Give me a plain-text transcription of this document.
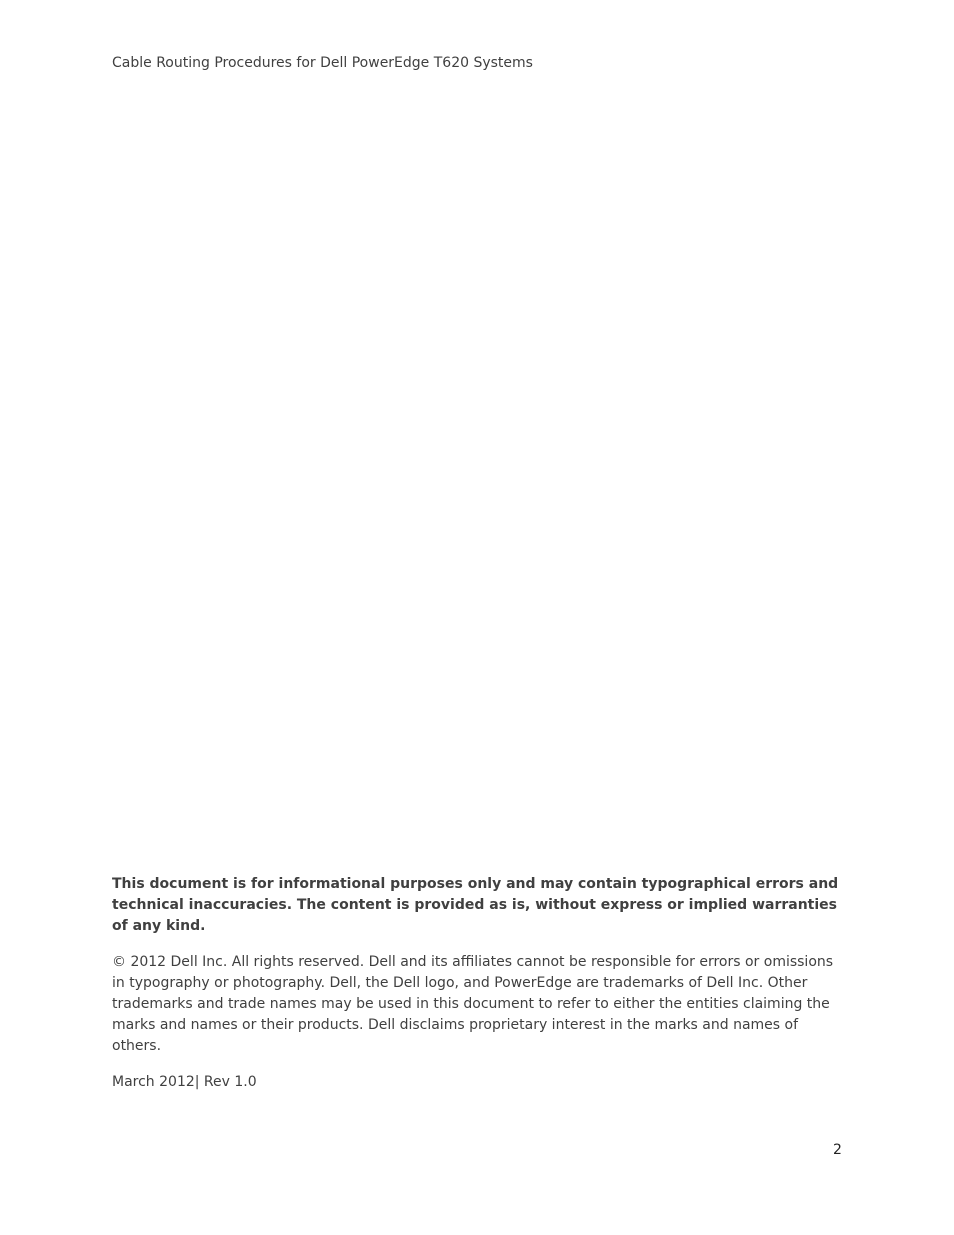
Cable Routing Procedures for Dell PowerEdge T620 Systems

This document is for informational purposes only and may contain typographical errors and technical inaccuracies. The content is provided as is, without express or implied warranties of any kind.

© 2012 Dell Inc. All rights reserved. Dell and its affiliates cannot be responsible for errors or omissions in typography or photography. Dell, the Dell logo, and PowerEdge are trademarks of Dell Inc. Other trademarks and trade names may be used in this document to refer to either the entities claiming the marks and names or their products. Dell disclaims proprietary interest in the marks and names of others.

March 2012| Rev 1.0

2
